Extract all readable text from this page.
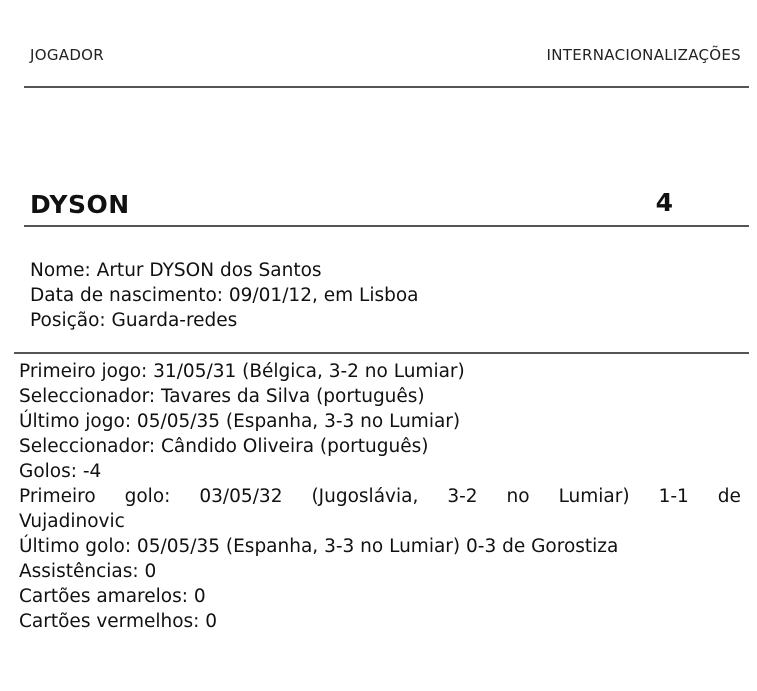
JOGADOR	INTERNACIONALIZAÇÕES
DYSON	4
Nome: Artur DYSON dos Santos
Data de nascimento: 09/01/12, em Lisboa
Posição: Guarda-redes
Primeiro jogo: 31/05/31 (Bélgica, 3-2 no Lumiar)
Seleccionador: Tavares da Silva (português)
Último jogo: 05/05/35 (Espanha, 3-3 no Lumiar)
Seleccionador: Cândido Oliveira (português)
Golos: -4
Primeiro golo: 03/05/32 (Jugoslávia, 3-2 no Lumiar) 1-1 de
Vujadinovic
Último golo: 05/05/35 (Espanha, 3-3 no Lumiar) 0-3 de Gorostiza
Assistências: 0
Cartões amarelos: 0
Cartões vermelhos: 0
